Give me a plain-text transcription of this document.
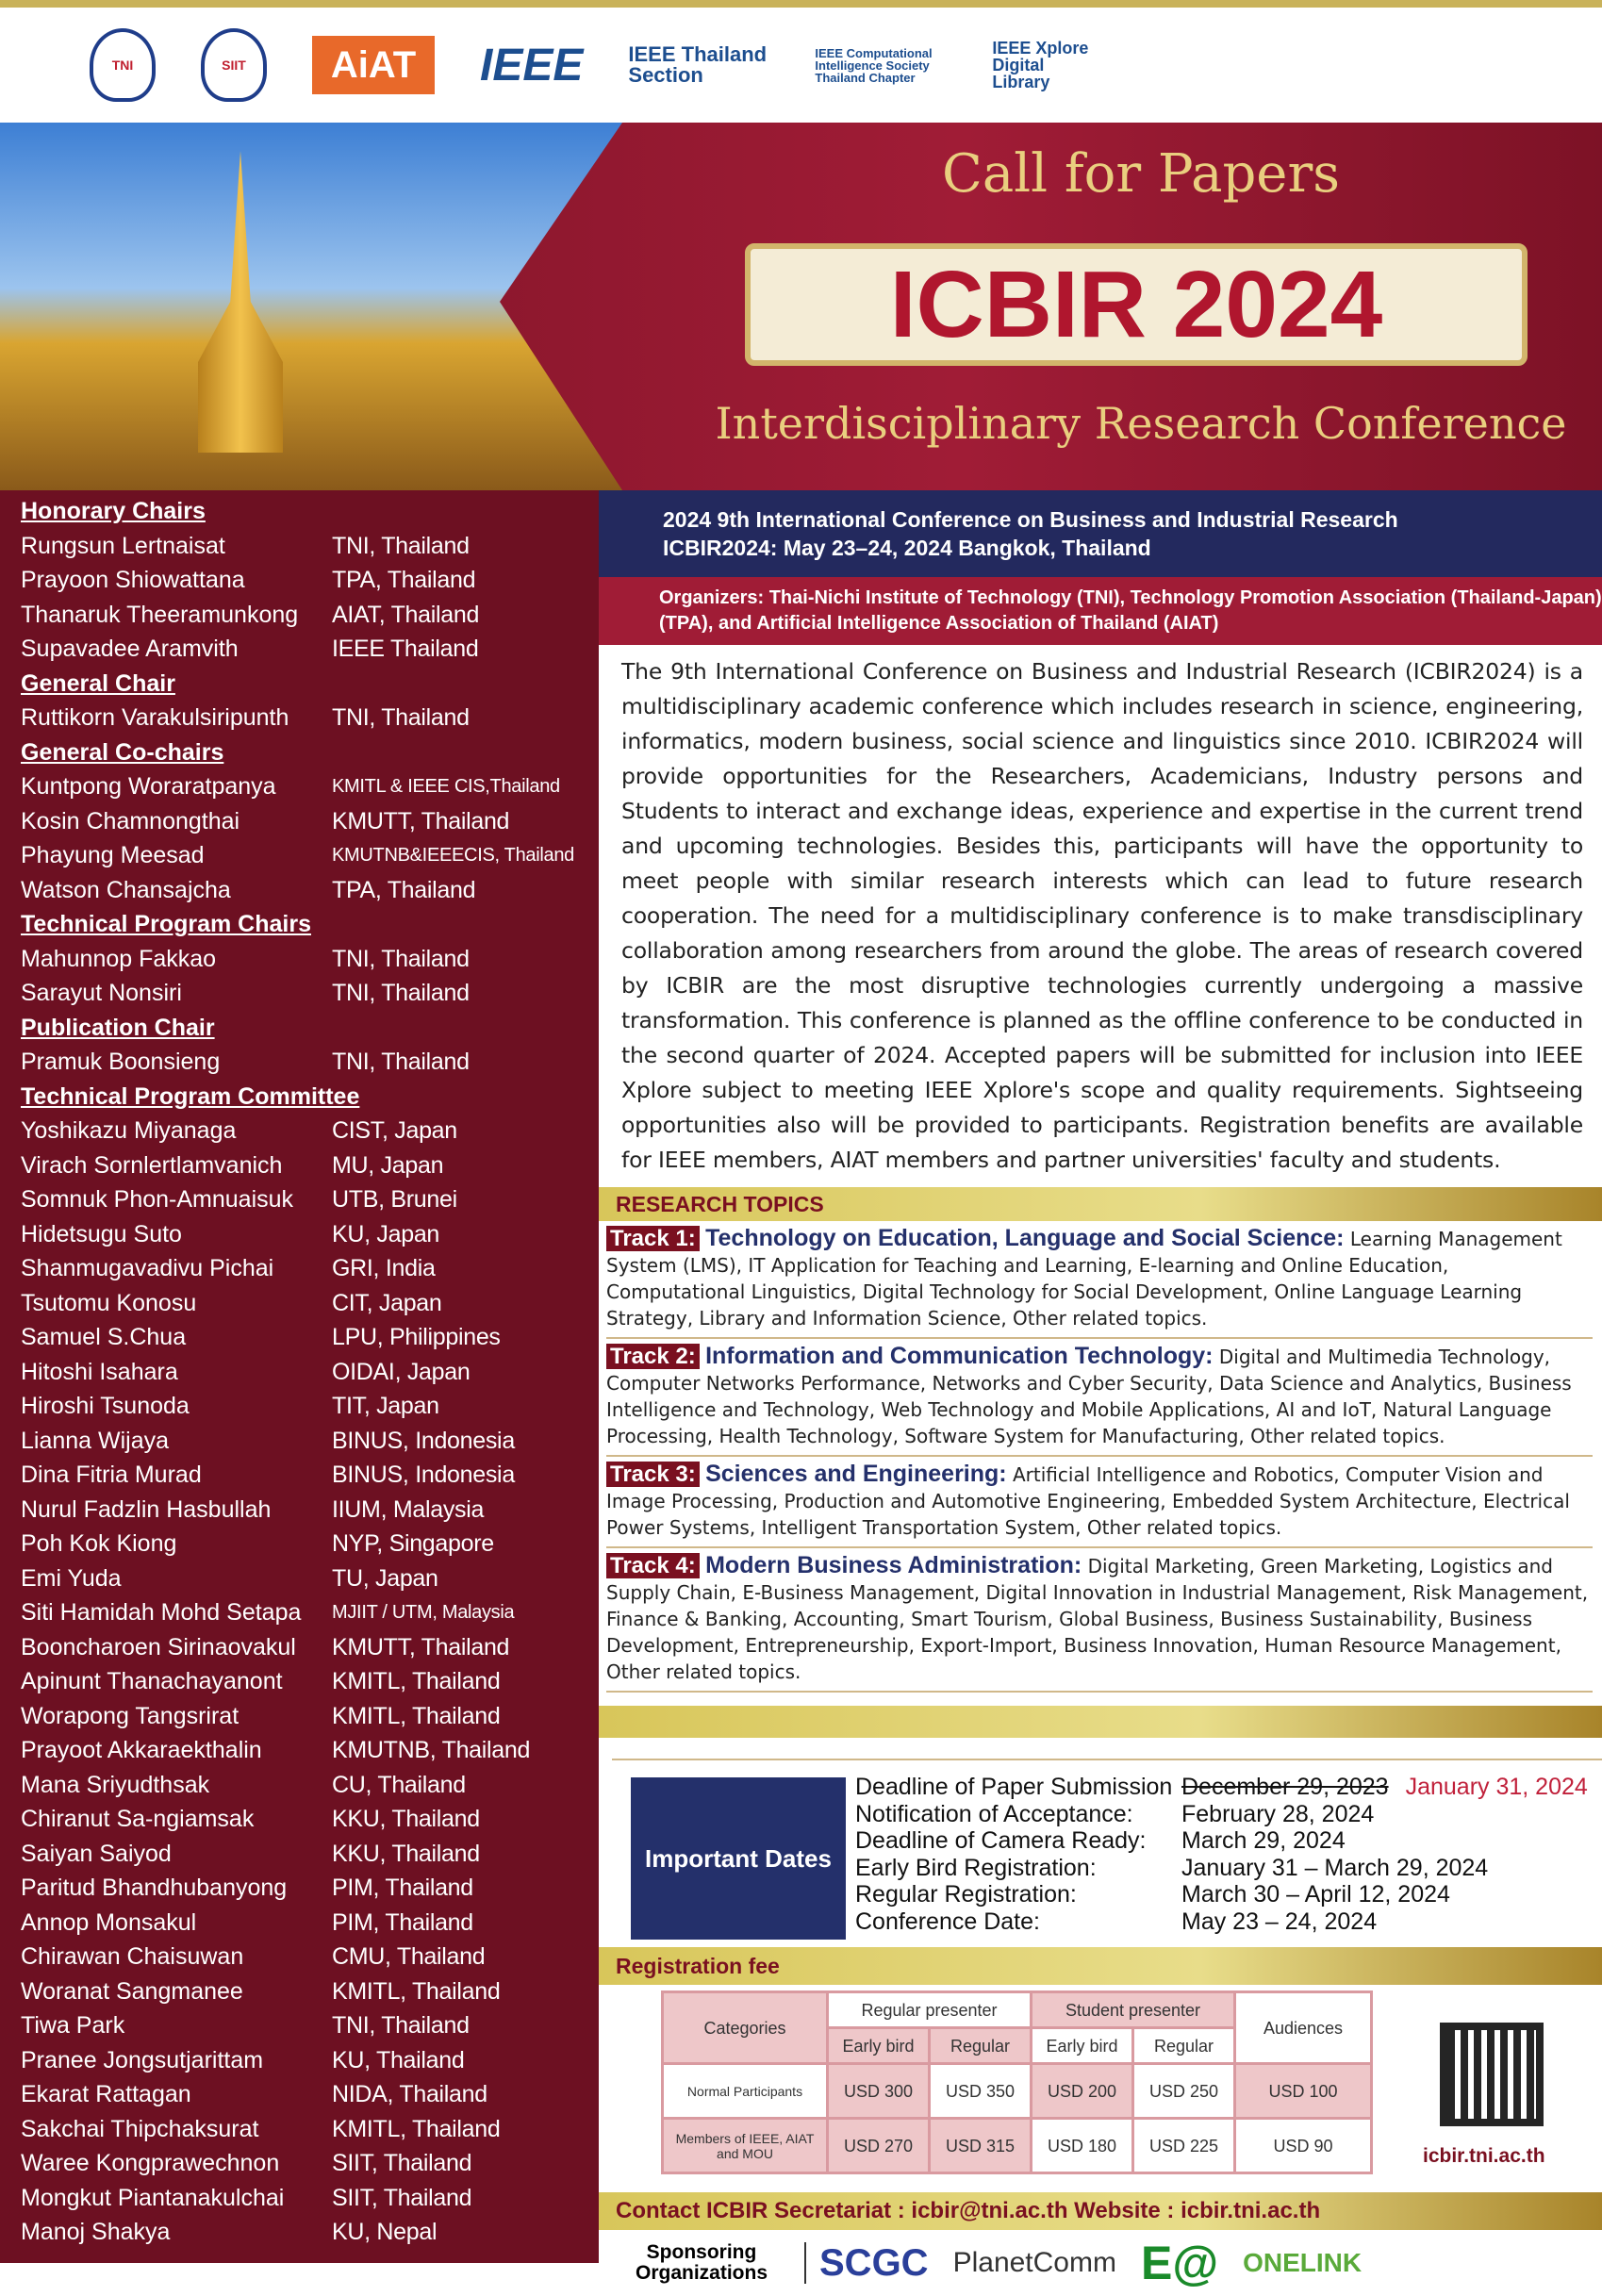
TNI	SIIT	AiAT	IEEE IEEE Thailand Section
IEEE Computational Intelligence Society Thailand Chapter
IEEE Xplore Digital Library
Call for Papers
ICBIR 2024
Interdisciplinary Research Conference
Honorary Chairs
Rungsun Lertnaisat	TNI, Thailand
Prayoon Shiowattana	TPA, Thailand
Thanaruk Theeramunkong	AIAT, Thailand
Supavadee Aramvith	IEEE Thailand
General Chair
Ruttikorn Varakulsiripunth	TNI, Thailand
General Co-chairs
Kuntpong Woraratpanya	KMITL & IEEE CIS,Thailand
Kosin Chamnongthai	KMUTT, Thailand
Phayung Meesad	KMUTNB&IEEECIS, Thailand
Watson Chansajcha	TPA, Thailand
Technical Program Chairs
Mahunnop Fakkao	TNI, Thailand
Sarayut Nonsiri	TNI, Thailand
Publication Chair
Pramuk Boonsieng	TNI, Thailand
Technical Program Committee
Yoshikazu Miyanaga	CIST, Japan
Virach Sornlertlamvanich	MU, Japan
Somnuk Phon-Amnuaisuk	UTB, Brunei
Hidetsugu Suto	KU, Japan
Shanmugavadivu Pichai	GRI, India
Tsutomu Konosu	CIT, Japan
Samuel S.Chua	LPU, Philippines
Hitoshi Isahara	OIDAI, Japan
Hiroshi Tsunoda	TIT, Japan
Lianna Wijaya	BINUS, Indonesia
Dina Fitria Murad	BINUS, Indonesia
Nurul Fadzlin Hasbullah	IIUM, Malaysia
Poh Kok Kiong	NYP, Singapore
Emi Yuda	TU, Japan
Siti Hamidah Mohd Setapa	MJIIT / UTM, Malaysia
Booncharoen Sirinaovakul	KMUTT, Thailand
Apinunt Thanachayanont	KMITL, Thailand
Worapong Tangsrirat	KMITL, Thailand
Prayoot Akkaraekthalin	KMUTNB, Thailand
Mana Sriyudthsak	CU, Thailand
Chiranut Sa-ngiamsak	KKU, Thailand
Saiyan Saiyod	KKU, Thailand
Paritud Bhandhubanyong	PIM, Thailand
Annop Monsakul	PIM, Thailand
Chirawan Chaisuwan	CMU, Thailand
Woranat Sangmanee	KMITL, Thailand
Tiwa Park	TNI, Thailand
Pranee Jongsutjarittam	KU, Thailand
Ekarat Rattagan	NIDA, Thailand
Sakchai Thipchaksurat	KMITL, Thailand
Waree Kongprawechnon	SIIT, Thailand
Mongkut Piantanakulchai	SIIT, Thailand
Manoj Shakya	KU, Nepal
2024 9th International Conference on Business and Industrial Research
ICBIR2024: May 23–24, 2024 Bangkok, Thailand
Organizers: Thai-Nichi Institute of Technology (TNI), Technology Promotion Association (Thailand-Japan) (TPA), and Artificial Intelligence Association of Thailand (AIAT)
The 9th International Conference on Business and Industrial Research (ICBIR2024) is a multidisciplinary academic conference which includes research in science, engineering, informatics, modern business, social science and linguistics since 2010. ICBIR2024 will provide opportunities for the Researchers, Academicians, Industry persons and Students to interact and exchange ideas, experience and expertise in the current trend and upcoming technologies. Besides this, participants will have the opportunity to meet people with similar research interests which can lead to future research cooperation. The need for a multidisciplinary conference is to make transdisciplinary collaboration among researchers from around the globe. The areas of research covered by ICBIR are the most disruptive technologies currently undergoing a massive transformation. This conference is planned as the offline conference to be conducted in the second quarter of 2024. Accepted papers will be submitted for inclusion into IEEE Xplore subject to meeting IEEE Xplore's scope and quality requirements. Sightseeing opportunities also will be provided to participants. Registration benefits are available for IEEE members, AIAT members and partner universities' faculty and students.
RESEARCH TOPICS
Track 1: Technology on Education, Language and Social Science: Learning Management System (LMS), IT Application for Teaching and Learning, E-learning and Online Education, Computational Linguistics, Digital Technology for Social Development, Online Language Learning Strategy, Library and Information Science, Other related topics.
Track 2: Information and Communication Technology: Digital and Multimedia Technology, Computer Networks Performance, Networks and Cyber Security, Data Science and Analytics, Business Intelligence and Technology, Web Technology and Mobile Applications, AI and IoT, Natural Language Processing, Health Technology, Software System for Manufacturing, Other related topics.
Track 3: Sciences and Engineering: Artificial Intelligence and Robotics, Computer Vision and Image Processing, Production and Automotive Engineering, Embedded System Architecture, Electrical Power Systems, Intelligent Transportation System, Other related topics.
Track 4: Modern Business Administration: Digital Marketing, Green Marketing, Logistics and Supply Chain, E-Business Management, Digital Innovation in Industrial Management, Risk Management, Finance & Banking, Accounting, Smart Tourism, Global Business, Business Sustainability, Business Development, Entrepreneurship, Export-Import, Business Innovation, Human Resource Management, Other related topics.
Important Dates
Deadline of Paper Submission December 29, 2023 January 31, 2024
Notification of Acceptance:	February 28, 2024
Deadline of Camera Ready:	March 29, 2024
Early Bird Registration:	January 31 – March 29, 2024
Regular Registration:	March 30 – April 12, 2024
Conference Date:	May 23 – 24, 2024
Registration fee
Categories	Regular presenter		Student presenter		Audiences
	Early bird	Regular	Early bird	Regular	
Normal Participants	USD 300	USD 350	USD 200	USD 250	USD 100
Members of IEEE, AIAT and MOU	USD 270	USD 315	USD 180	USD 225	USD 90	icbir.tni.ac.th
Contact ICBIR Secretariat : icbir@tni.ac.th Website : icbir.tni.ac.th
Sponsoring Organizations	SCGC PlanetComm E@ ONELINK
